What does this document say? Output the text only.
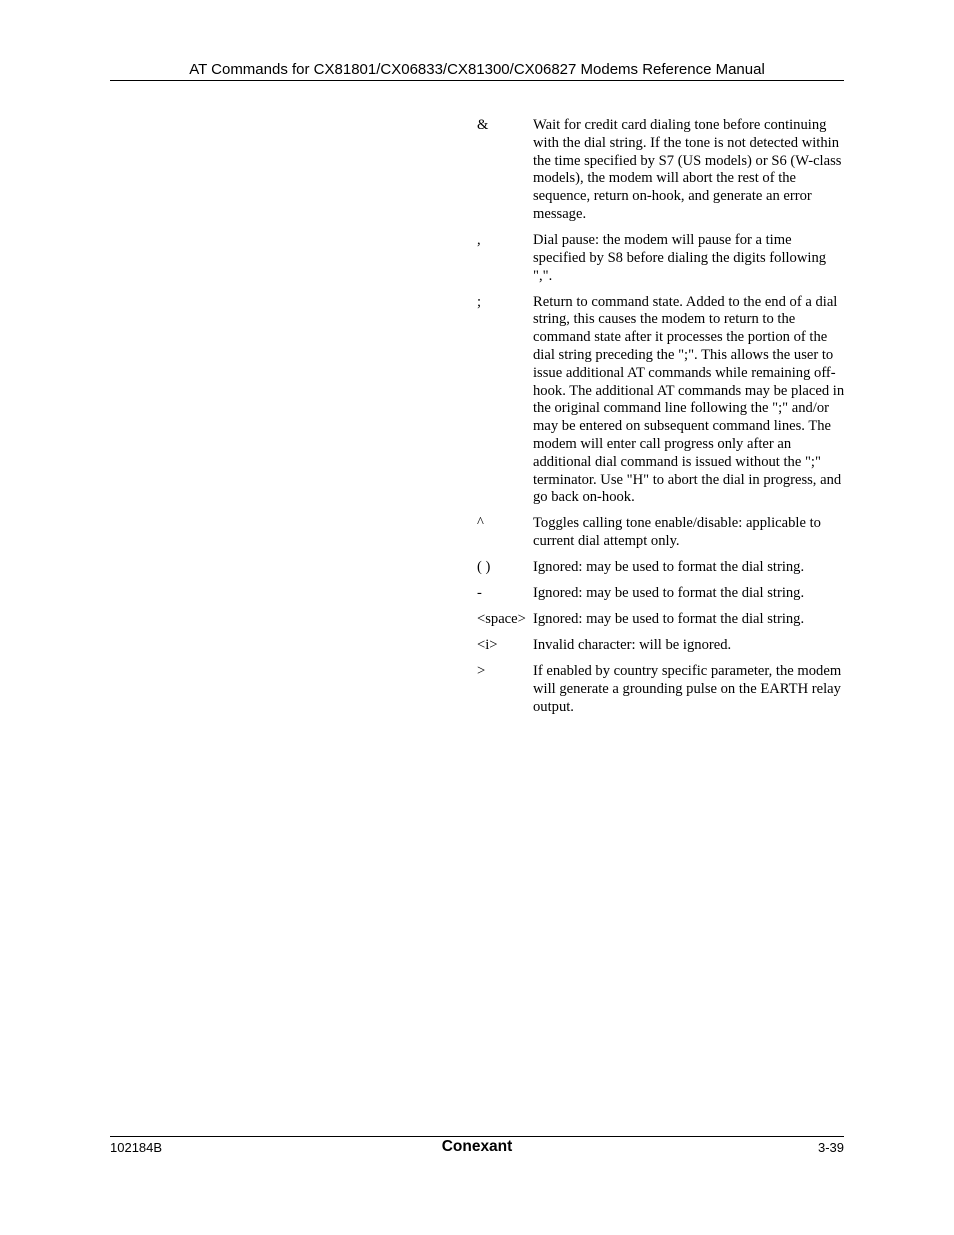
AT Commands for CX81801/CX06833/CX81300/CX06827 Modems Reference Manual
&	Wait for credit card dialing tone before continuing with the dial string. If the tone is not detected within the time specified by S7 (US models) or S6 (W-class models), the modem will abort the rest of the sequence, return on-hook, and generate an error message.
,	Dial pause: the modem will pause for a time specified by S8 before dialing the digits following ",".
;	Return to command state. Added to the end of a dial string, this causes the modem to return to the command state after it processes the portion of the dial string preceding the ";". This allows the user to issue additional AT commands while remaining off-hook. The additional AT commands may be placed in the original command line following the ";" and/or may be entered on subsequent command lines. The modem will enter call progress only after an additional dial command is issued without the ";" terminator. Use "H" to abort the dial in progress, and go back on-hook.
^	Toggles calling tone enable/disable: applicable to current dial attempt only.
( )	Ignored: may be used to format the dial string.
-	Ignored: may be used to format the dial string.
<space> Ignored: may be used to format the dial string.
<i>	Invalid character: will be ignored.
>	If enabled by country specific parameter, the modem will generate a grounding pulse on the EARTH relay output.
102184B	Conexant	3-39
